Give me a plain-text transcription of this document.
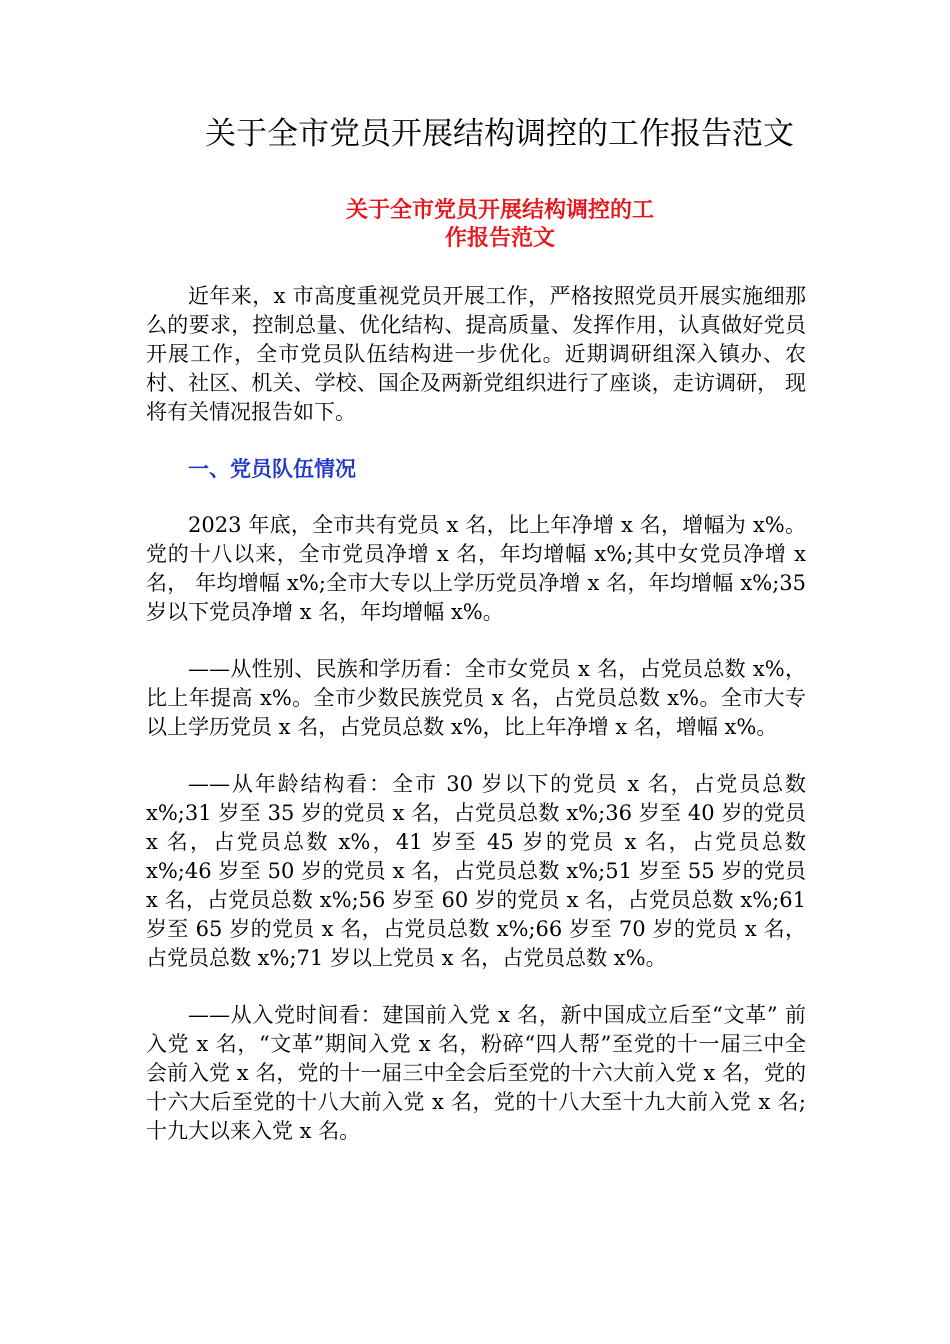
关于全市党员开展结构调控的工作报告范文
关于全市党员开展结构调控的工
作报告范文

近年来，x 市高度重视党员开展工作，严格按照党员开展实施细那么的要求，控制总量、优化结构、提高质量、发挥作用，认真做好党员开展工作，全市党员队伍结构进一步优化。近期调研组深入镇办、农村、社区、机关、学校、国企及两新党组织进行了座谈，走访调研， 现将有关情况报告如下。

一、党员队伍情况

2023 年底，全市共有党员 x 名，比上年净增 x 名，增幅为 x%。党的十八以来，全市党员净增 x 名，年均增幅 x%;其中女党员净增 x 名， 年均增幅 x%;全市大专以上学历党员净增 x 名，年均增幅 x%;35 岁以下党员净增 x 名，年均增幅 x%。

——从性别、民族和学历看：全市女党员 x 名，占党员总数 x%， 比上年提高 x%。全市少数民族党员 x 名，占党员总数 x%。全市大专以上学历党员 x 名，占党员总数 x%，比上年净增 x 名，增幅 x%。

——从年龄结构看：全市 30 岁以下的党员 x 名，占党员总数 x%;31 岁至 35 岁的党员 x 名，占党员总数 x%;36 岁至 40 岁的党员 x 名，占党员总数 x%，41 岁至 45 岁的党员 x 名，占党员总数 x%;46 岁至 50 岁的党员 x 名，占党员总数 x%;51 岁至 55 岁的党员 x 名，占党员总数 x%;56 岁至 60 岁的党员 x 名，占党员总数 x%;61 岁至 65 岁的党员 x 名，占党员总数 x%;66 岁至 70 岁的党员 x 名，占党员总数 x%;71 岁以上党员 x 名，占党员总数 x%。

——从入党时间看：建国前入党 x 名，新中国成立后至“文革” 前入党 x 名，“文革”期间入党 x 名，粉碎“四人帮”至党的十一届三中全会前入党 x 名，党的十一届三中全会后至党的十六大前入党 x 名，党的十六大后至党的十八大前入党 x 名，党的十八大至十九大前入党 x 名;十九大以来入党 x 名。
